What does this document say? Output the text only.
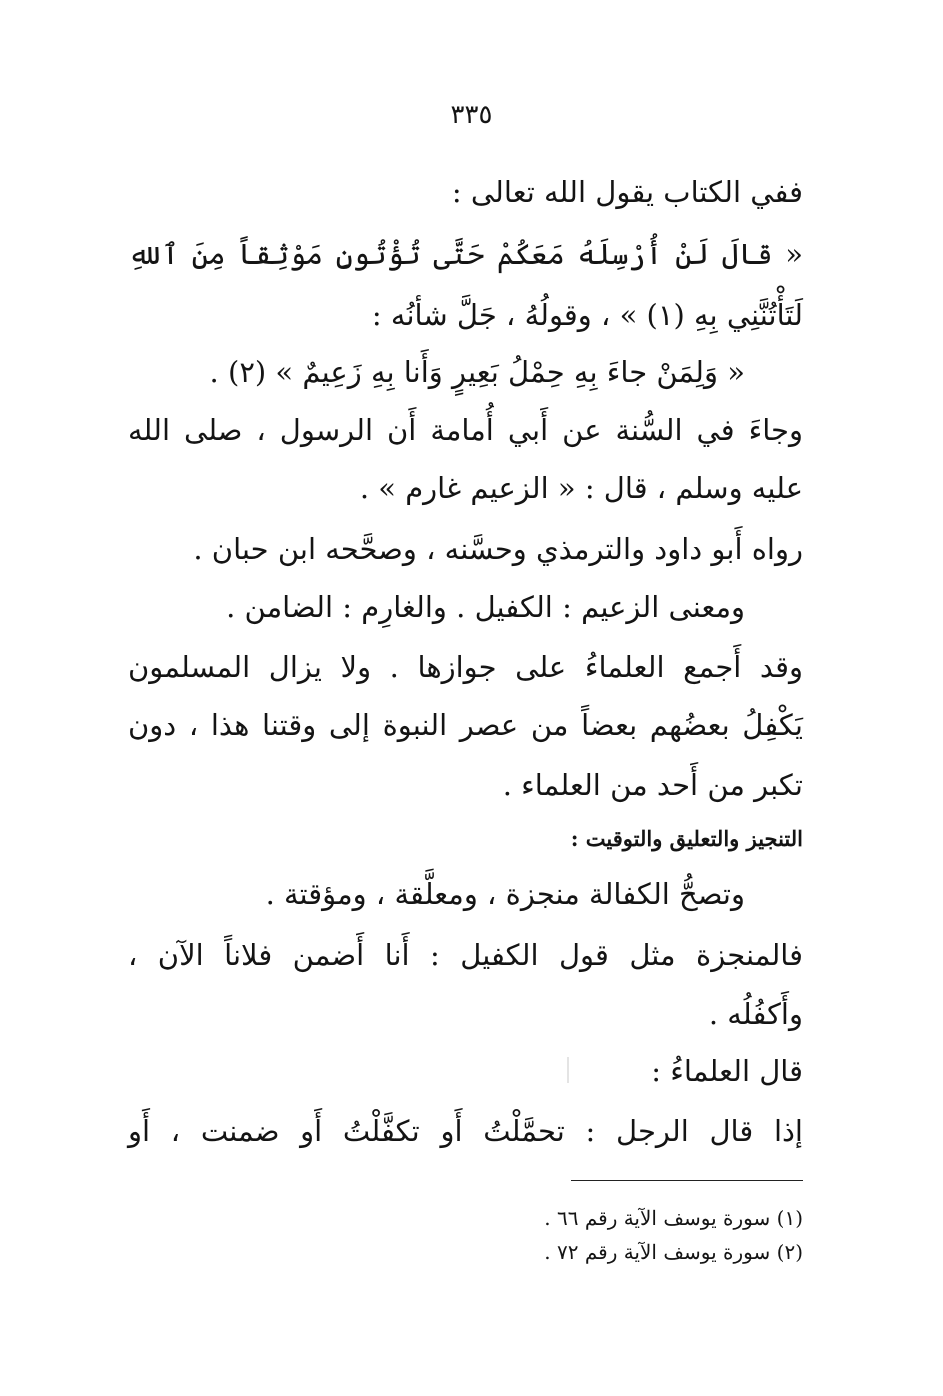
٣٣٥
ففي الكتاب يقول الله تعالى :
« قالَ لَنْ أُرْسِلَهُ مَعَكُمْ حَتَّى تُؤْتُونِ مَوْثِقاً مِنَ ٱللهِ
لَتَأْتُنَّنِي بِهِ (١) » ، وقولُهُ ، جَلَّ شأنُه :
« وَلِمَنْ جاءَ بِهِ حِمْلُ بَعِيرٍ وَأَنا بِهِ زَعِيمٌ » (٢) .
وجاءَ في السُّنة عن أَبي أُمامة أَن الرسول ، صلى الله
عليه وسلم ، قال : « الزعيم غارم » .
رواه أَبو داود والترمذي وحسَّنه ، وصحَّحه ابن حبان .
ومعنى الزعيم : الكفيل . والغارِم : الضامن .
وقد أَجمع العلماءُ على جوازها . ولا يزال المسلمون
يَكْفِلُ بعضُهم بعضاً من عصر النبوة إلى وقتنا هذا ، دون
تكبر من أَحد من العلماء .
التنجيز والتعليق والتوقيت :
وتصحُّ الكفالة منجزة ، ومعلَّقة ، ومؤقتة .
فالمنجزة مثل قول الكفيل : أَنا أَضمن فلاناً الآن ،
وأَكفُلُه .
قال العلماءُ :
إذا قال الرجل : تحمَّلْتُ أَو تكفَّلْتُ أَو ضمنت ، أَو
(١) سورة يوسف الآية رقم ٦٦ .
(٢) سورة يوسف الآية رقم ٧٢ .
